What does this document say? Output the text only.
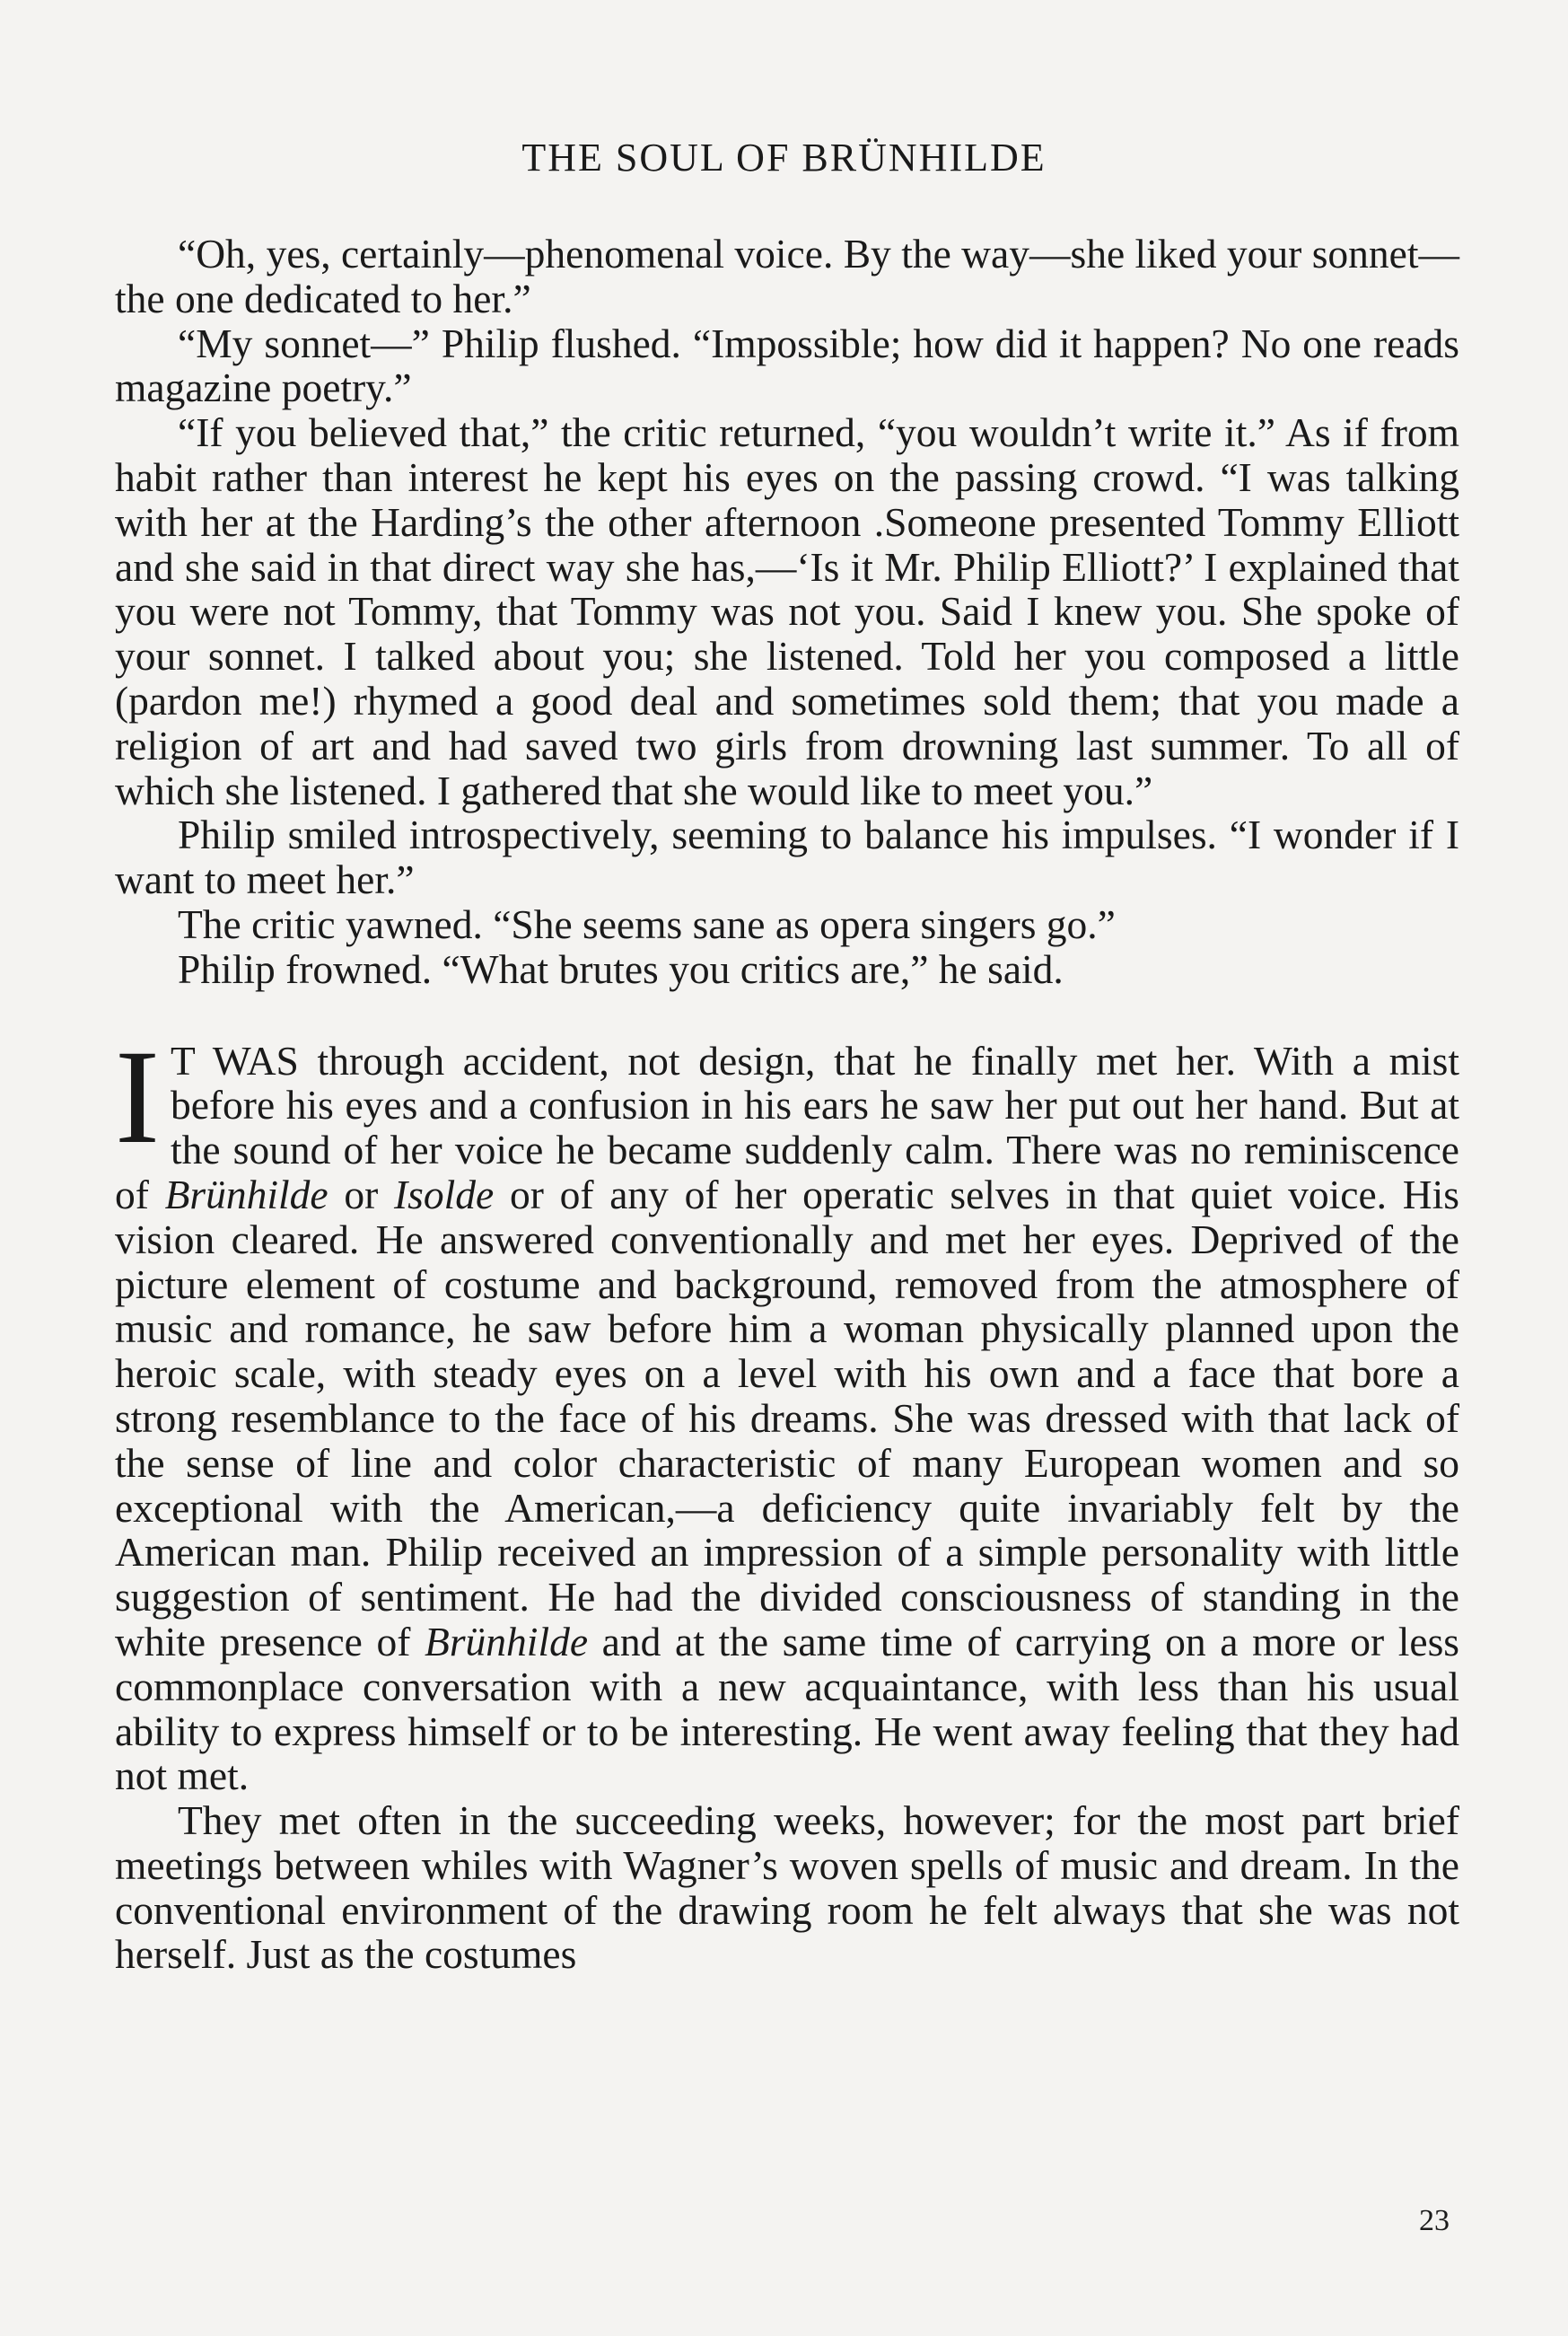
THE SOUL OF BRÜNHILDE

“Oh, yes, certainly—phenomenal voice. By the way—she liked your sonnet—the one dedicated to her.”

“My sonnet—” Philip flushed. “Impossible; how did it happen? No one reads magazine poetry.”

“If you believed that,” the critic returned, “you wouldn’t write it.” As if from habit rather than interest he kept his eyes on the passing crowd. “I was talking with her at the Harding’s the other afternoon .Someone presented Tommy Elliott and she said in that direct way she has,—‘Is it Mr. Philip Elliott?’ I explained that you were not Tommy, that Tommy was not you. Said I knew you. She spoke of your sonnet. I talked about you; she listened. Told her you composed a little (pardon me!) rhymed a good deal and sometimes sold them; that you made a religion of art and had saved two girls from drowning last summer. To all of which she listened. I gathered that she would like to meet you.”

Philip smiled introspectively, seeming to balance his impulses. “I wonder if I want to meet her.”

The critic yawned. “She seems sane as opera singers go.”

Philip frowned. “What brutes you critics are,” he said.

I T WAS through accident, not design, that he finally met her. With a mist before his eyes and a confusion in his ears he saw her put out her hand. But at the sound of her voice he became suddenly calm. There was no reminiscence of Brünhilde or Isolde or of any of her operatic selves in that quiet voice. His vision cleared. He answered conventionally and met her eyes. Deprived of the picture element of costume and background, removed from the atmosphere of music and romance, he saw before him a woman physically planned upon the heroic scale, with steady eyes on a level with his own and a face that bore a strong resemblance to the face of his dreams. She was dressed with that lack of the sense of line and color characteristic of many European women and so exceptional with the American,—a deficiency quite invariably felt by the American man. Philip received an impression of a simple personality with little suggestion of sentiment. He had the divided consciousness of standing in the white presence of Brünhilde and at the same time of carrying on a more or less commonplace conversation with a new acquaintance, with less than his usual ability to express himself or to be interesting. He went away feeling that they had not met.

They met often in the succeeding weeks, however; for the most part brief meetings between whiles with Wagner’s woven spells of music and dream. In the conventional environment of the drawing room he felt always that she was not herself. Just as the costumes

23
